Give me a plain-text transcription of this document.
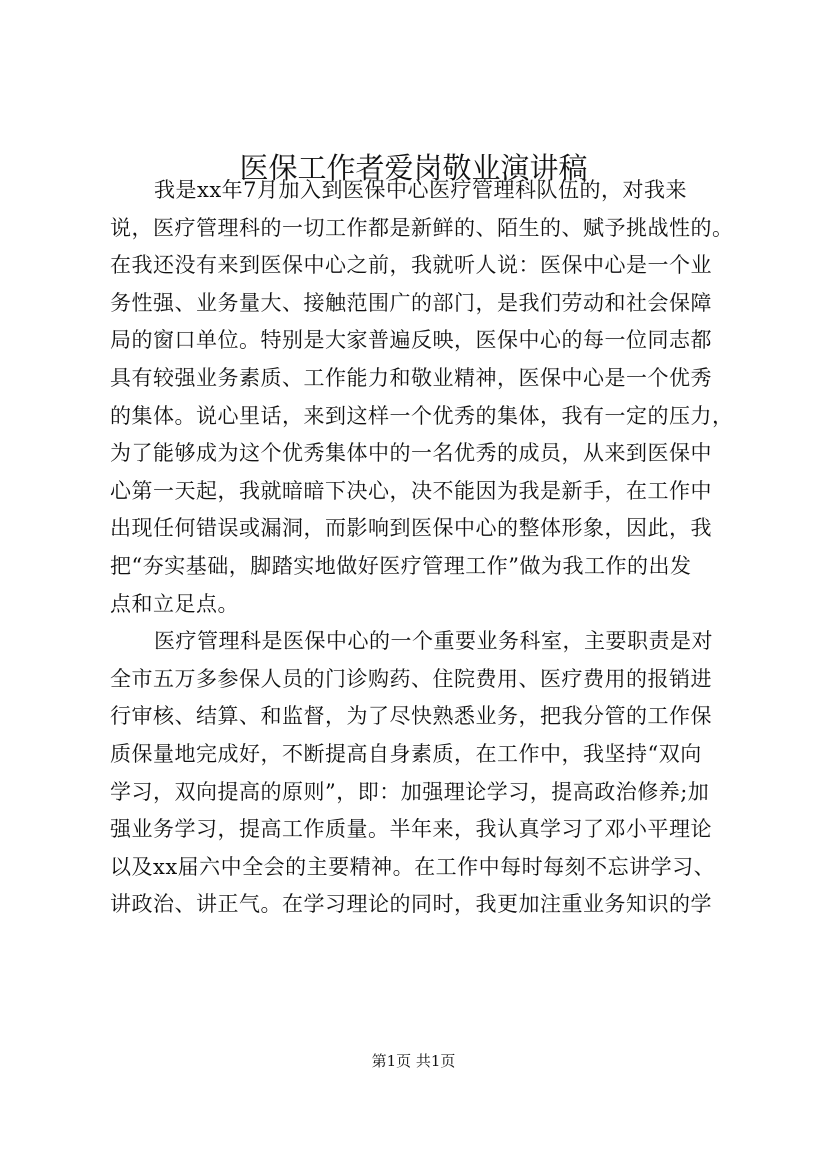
医保工作者爱岗敬业演讲稿
我是xx年7月加入到医保中心医疗管理科队伍的，对我来
说，医疗管理科的一切工作都是新鲜的、陌生的、赋予挑战性的。
在我还没有来到医保中心之前，我就听人说：医保中心是一个业
务性强、业务量大、接触范围广的部门，是我们劳动和社会保障
局的窗口单位。特别是大家普遍反映，医保中心的每一位同志都
具有较强业务素质、工作能力和敬业精神，医保中心是一个优秀
的集体。说心里话，来到这样一个优秀的集体，我有一定的压力，
为了能够成为这个优秀集体中的一名优秀的成员，从来到医保中
心第一天起，我就暗暗下决心，决不能因为我是新手，在工作中
出现任何错误或漏洞，而影响到医保中心的整体形象，因此，我
把“夯实基础，脚踏实地做好医疗管理工作”做为我工作的出发
点和立足点。
医疗管理科是医保中心的一个重要业务科室，主要职责是对
全市五万多参保人员的门诊购药、住院费用、医疗费用的报销进
行审核、结算、和监督，为了尽快熟悉业务，把我分管的工作保
质保量地完成好，不断提高自身素质，在工作中，我坚持“双向
学习，双向提高的原则”，即：加强理论学习，提高政治修养;加
强业务学习，提高工作质量。半年来，我认真学习了邓小平理论
以及xx届六中全会的主要精神。在工作中每时每刻不忘讲学习、
讲政治、讲正气。在学习理论的同时，我更加注重业务知识的学
第1页 共1页
